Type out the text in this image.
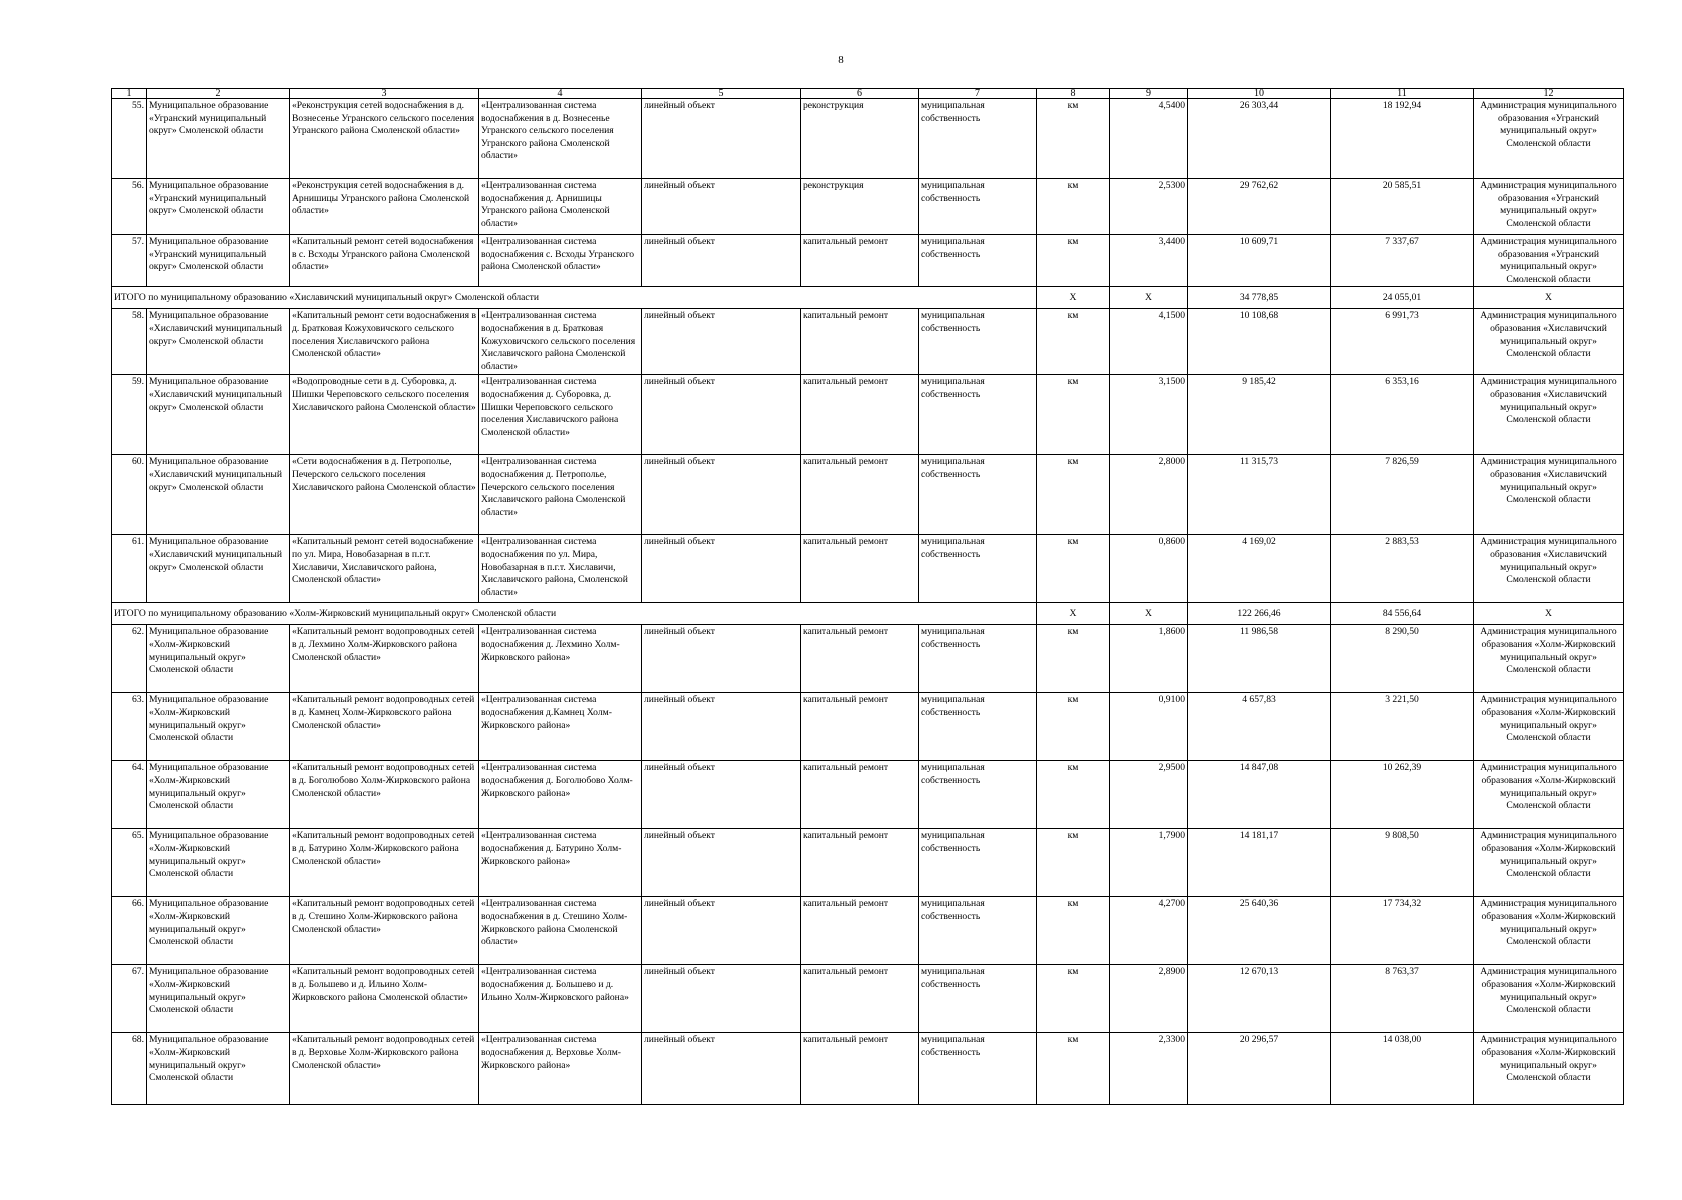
8
1	2	3	4	5	6	7	8	9	10	11	12
55.	Муниципальное образование «Угранский муниципальный округ» Смоленской области	«Реконструкция сетей водоснабжения в д. Вознесенье Угранского сельского поселения Угранского района Смоленской области»	«Централизованная система водоснабжения в д. Вознесенье Угранского сельского поселения Угранского района Смоленской области»	линейный объект	реконструкция	муниципальная собственность	км	4,5400	26 303,44	18 192,94	Администрация муниципального образования «Угранский муниципальный округ» Смоленской области
56.	Муниципальное образование «Угранский муниципальный округ» Смоленской области	«Реконструкция сетей водоснабжения в д. Арнишицы Угранского района Смоленской области»	«Централизованная система водоснабжения д. Арнишицы Угранского района Смоленской области»	линейный объект	реконструкция	муниципальная собственность	км	2,5300	29 762,62	20 585,51	Администрация муниципального образования «Угранский муниципальный округ» Смоленской области
57.	Муниципальное образование «Угранский муниципальный округ» Смоленской области	«Капитальный ремонт сетей водоснабжения в с. Всходы Угранского района Смоленской области»	«Централизованная система водоснабжения с. Всходы Угранского района Смоленской области»	линейный объект	капитальный ремонт	муниципальная собственность	км	3,4400	10 609,71	7 337,67	Администрация муниципального образования «Угранский муниципальный округ» Смоленской области
ИТОГО по муниципальному образованию «Хиславичский муниципальный округ» Смоленской области							Х	Х	34 778,85	24 055,01	Х
58.	Муниципальное образование «Хиславичский муниципальный округ» Смоленской области	«Капитальный ремонт сети водоснабжения в д. Братковая Кожуховичского сельского поселения Хиславичского района Смоленской области»	«Централизованная система водоснабжения в д. Братковая Кожуховичского сельского поселения Хиславичского района Смоленской области»	линейный объект	капитальный ремонт	муниципальная собственность	км	4,1500	10 108,68	6 991,73	Администрация муниципального образования «Хиславичский муниципальный округ» Смоленской области
59.	Муниципальное образование «Хиславичский муниципальный округ» Смоленской области	«Водопроводные сети в д. Суборовка, д. Шишки Череповского сельского поселения Хиславичского района Смоленской области»	«Централизованная система водоснабжения д. Суборовка, д. Шишки Череповского сельского поселения Хиславичского района Смоленской области»	линейный объект	капитальный ремонт	муниципальная собственность	км	3,1500	9 185,42	6 353,16	Администрация муниципального образования «Хиславичский муниципальный округ» Смоленской области
60.	Муниципальное образование «Хиславичский муниципальный округ» Смоленской области	«Сети водоснабжения в д. Петрополье, Печерского сельского поселения Хиславичского района Смоленской области»	«Централизованная система водоснабжения д. Петрополье, Печерского сельского поселения Хиславичского района Смоленской области»	линейный объект	капитальный ремонт	муниципальная собственность	км	2,8000	11 315,73	7 826,59	Администрация муниципального образования «Хиславичский муниципальный округ» Смоленской области
61.	Муниципальное образование «Хиславичский муниципальный округ» Смоленской области	«Капитальный ремонт сетей водоснабжение по ул. Мира, Новобазарная в п.г.т. Хиславичи, Хиславичского района, Смоленской области»	«Централизованная система водоснабжения по ул. Мира, Новобазарная в п.г.т. Хиславичи, Хиславичского района, Смоленской области»	линейный объект	капитальный ремонт	муниципальная собственность	км	0,8600	4 169,02	2 883,53	Администрация муниципального образования «Хиславичский муниципальный округ» Смоленской области
ИТОГО по муниципальному образованию «Холм-Жирковский муниципальный округ» Смоленской области							Х	Х	122 266,46	84 556,64	Х
62.	Муниципальное образование «Холм-Жирковский муниципальный округ» Смоленской области	«Капитальный ремонт водопроводных сетей в д. Лехмино Холм-Жирковского района Смоленской области»	«Централизованная система водоснабжения д. Лехмино Холм-Жирковского района»	линейный объект	капитальный ремонт	муниципальная собственность	км	1,8600	11 986,58	8 290,50	Администрация муниципального образования «Холм-Жирковский муниципальный округ» Смоленской области
63.	Муниципальное образование «Холм-Жирковский муниципальный округ» Смоленской области	«Капитальный ремонт водопроводных сетей в д. Камнец Холм-Жирковского района Смоленской области»	«Централизованная система водоснабжения д.Камнец Холм-Жирковского района»	линейный объект	капитальный ремонт	муниципальная собственность	км	0,9100	4 657,83	3 221,50	Администрация муниципального образования «Холм-Жирковский муниципальный округ» Смоленской области
64.	Муниципальное образование «Холм-Жирковский муниципальный округ» Смоленской области	«Капитальный ремонт водопроводных сетей в д. Боголюбово Холм-Жирковского района Смоленской области»	«Централизованная система водоснабжения д. Боголюбово Холм-Жирковского района»	линейный объект	капитальный ремонт	муниципальная собственность	км	2,9500	14 847,08	10 262,39	Администрация муниципального образования «Холм-Жирковский муниципальный округ» Смоленской области
65.	Муниципальное образование «Холм-Жирковский муниципальный округ» Смоленской области	«Капитальный ремонт водопроводных сетей в д. Батурино Холм-Жирковского района Смоленской области»	«Централизованная система водоснабжения д. Батурино Холм-Жирковского района»	линейный объект	капитальный ремонт	муниципальная собственность	км	1,7900	14 181,17	9 808,50	Администрация муниципального образования «Холм-Жирковский муниципальный округ» Смоленской области
66.	Муниципальное образование «Холм-Жирковский муниципальный округ» Смоленской области	«Капитальный ремонт водопроводных сетей в д. Стешино Холм-Жирковского района Смоленской области»	«Централизованная система водоснабжения в д. Стешино Холм-Жирковского района Смоленской области»	линейный объект	капитальный ремонт	муниципальная собственность	км	4,2700	25 640,36	17 734,32	Администрация муниципального образования «Холм-Жирковский муниципальный округ» Смоленской области
67.	Муниципальное образование «Холм-Жирковский муниципальный округ» Смоленской области	«Капитальный ремонт водопроводных сетей в д. Большево и д. Ильино Холм-Жирковского района Смоленской области»	«Централизованная система водоснабжения д. Большево и д. Ильино Холм-Жирковского района»	линейный объект	капитальный ремонт	муниципальная собственность	км	2,8900	12 670,13	8 763,37	Администрация муниципального образования «Холм-Жирковский муниципальный округ» Смоленской области
68.	Муниципальное образование «Холм-Жирковский муниципальный округ» Смоленской области	«Капитальный ремонт водопроводных сетей в д. Верховье Холм-Жирковского района Смоленской области»	«Централизованная система водоснабжения д. Верховье Холм-Жирковского района»	линейный объект	капитальный ремонт	муниципальная собственность	км	2,3300	20 296,57	14 038,00	Администрация муниципального образования «Холм-Жирковский муниципальный округ» Смоленской области
